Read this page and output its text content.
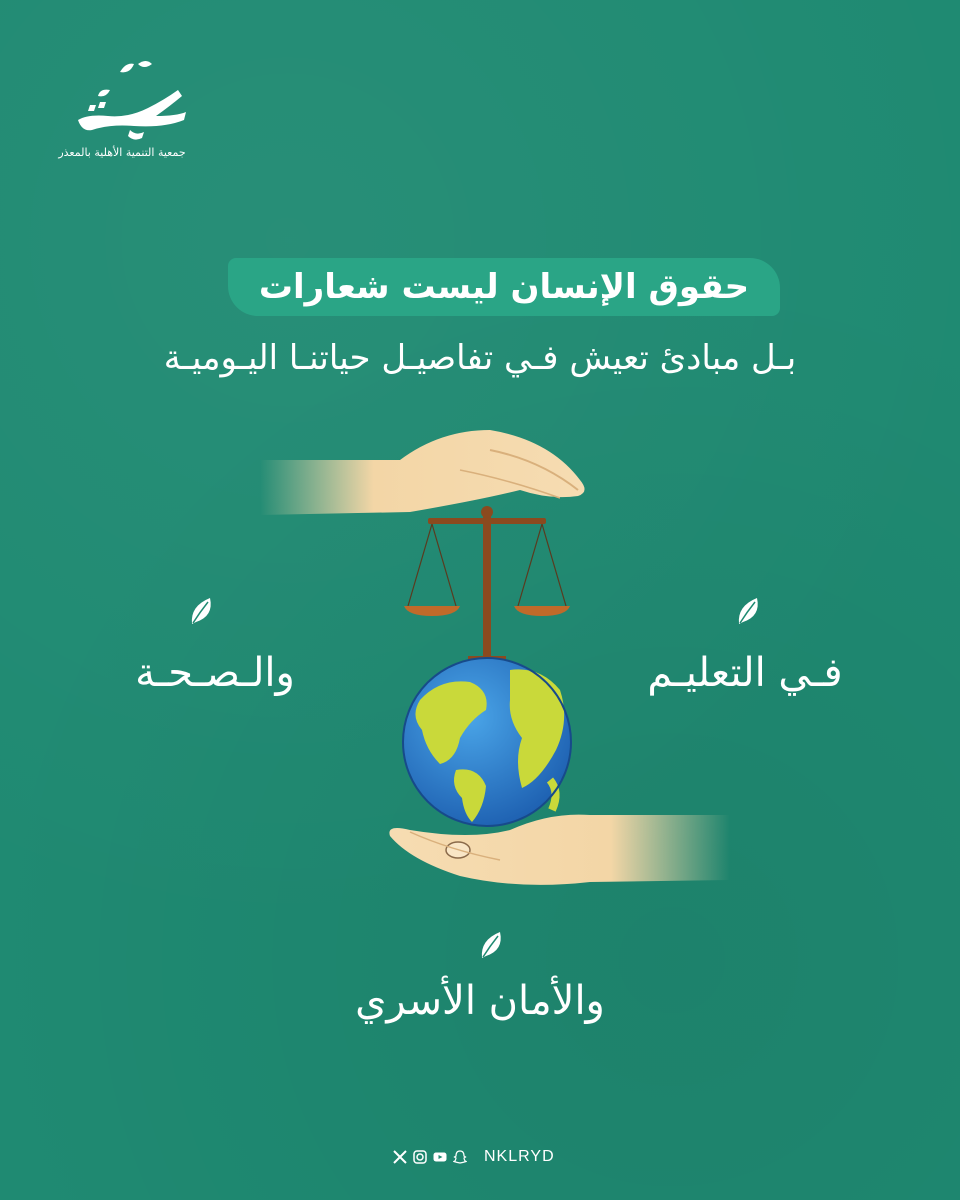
جمعية التنمية الأهلية بالمعذر
حقوق الإنسان ليست شعارات
بـل مبادئ تعيش فـي تفاصيـل حياتنـا اليـوميـة
فـي التعليـم
والـصـحـة
والأمان الأسري
NKLRYD
